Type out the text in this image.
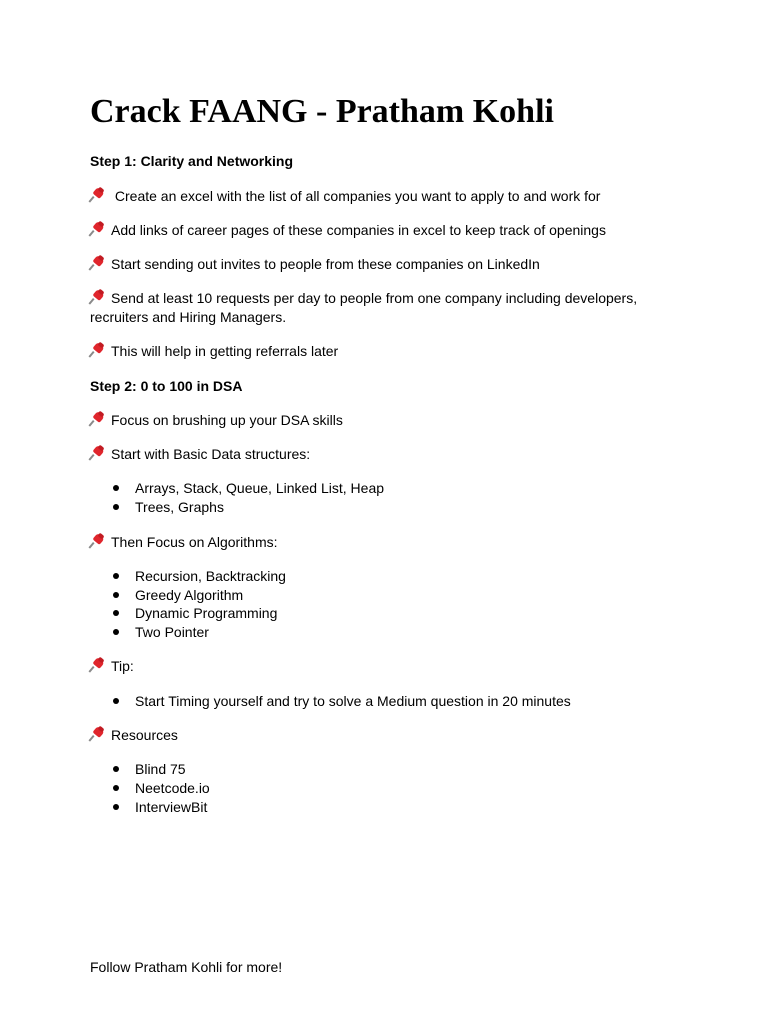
Crack FAANG - Pratham Kohli

Step 1: Clarity and Networking

Create an excel with the list of all companies you want to apply to and work for

Add links of career pages of these companies in excel to keep track of openings

Start sending out invites to people from these companies on LinkedIn

Send at least 10 requests per day to people from one company including developers, recruiters and Hiring Managers.

This will help in getting referrals later

Step 2: 0 to 100 in DSA

Focus on brushing up your DSA skills

Start with Basic Data structures:

Arrays, Stack, Queue, Linked List, Heap

Trees, Graphs

Then Focus on Algorithms:

Recursion, Backtracking

Greedy Algorithm

Dynamic Programming

Two Pointer

Tip:

Start Timing yourself and try to solve a Medium question in 20 minutes

Resources

Blind 75

Neetcode.io

InterviewBit

Follow Pratham Kohli for more!
